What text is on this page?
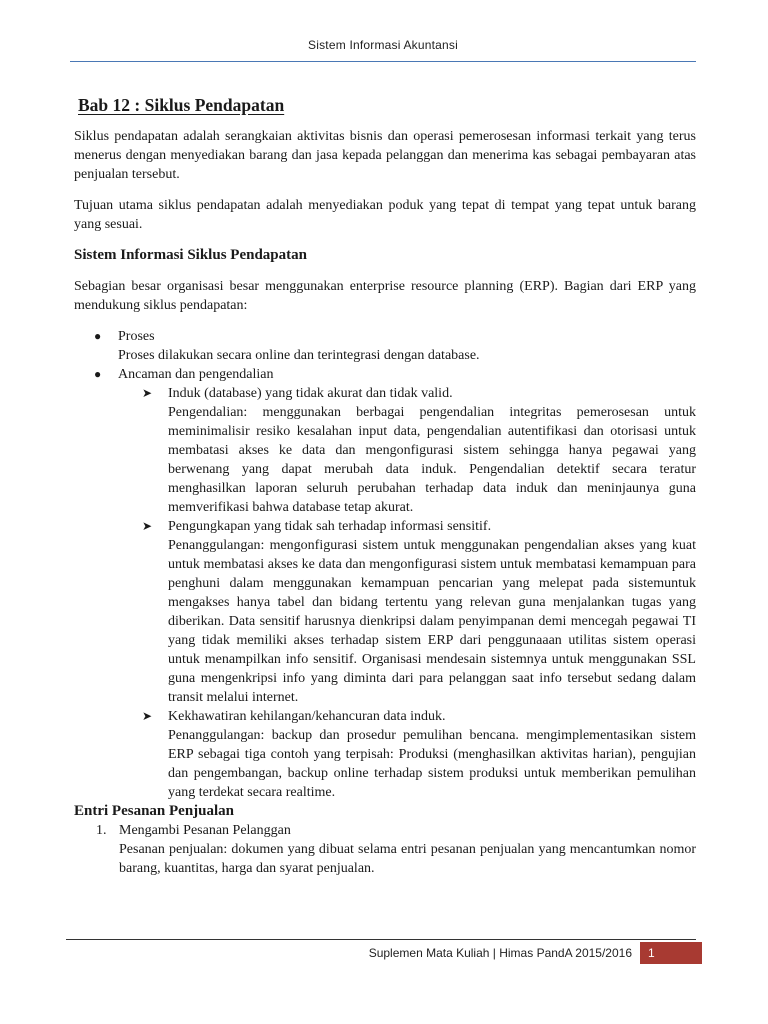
Sistem Informasi Akuntansi
Bab 12 : Siklus Pendapatan

Siklus pendapatan adalah serangkaian aktivitas bisnis dan operasi pemerosesan informasi terkait yang terus menerus dengan menyediakan barang dan jasa kepada pelanggan dan menerima kas sebagai pembayaran atas penjualan tersebut.

Tujuan utama siklus pendapatan adalah menyediakan poduk yang tepat di tempat yang tepat untuk barang yang sesuai.

Sistem Informasi Siklus Pendapatan

Sebagian besar organisasi besar menggunakan enterprise resource planning (ERP). Bagian dari ERP yang mendukung siklus pendapatan:

● Proses
Proses dilakukan secara online dan terintegrasi dengan database.
● Ancaman dan pengendalian
➤ Induk (database) yang tidak akurat dan tidak valid.
Pengendalian: menggunakan berbagai pengendalian integritas pemerosesan untuk meminimalisir resiko kesalahan input data, pengendalian autentifikasi dan otorisasi untuk membatasi akses ke data dan mengonfigurasi sistem sehingga hanya pegawai yang berwenang yang dapat merubah data induk. Pengendalian detektif secara teratur menghasilkan laporan seluruh perubahan terhadap data induk dan meninjaunya guna memverifikasi bahwa database tetap akurat.
➤ Pengungkapan yang tidak sah terhadap informasi sensitif.
Penanggulangan: mengonfigurasi sistem untuk menggunakan pengendalian akses yang kuat untuk membatasi akses ke data dan mengonfigurasi sistem untuk membatasi kemampuan para penghuni dalam menggunakan kemampuan pencarian yang melepat pada sistemuntuk mengakses hanya tabel dan bidang tertentu yang relevan guna menjalankan tugas yang diberikan. Data sensitif harusnya dienkripsi dalam penyimpanan demi mencegah pegawai TI yang tidak memiliki akses terhadap sistem ERP dari penggunaaan utilitas sistem operasi untuk menampilkan info sensitif. Organisasi mendesain sistemnya untuk menggunakan SSL guna mengenkripsi info yang diminta dari para pelanggan saat info tersebut sedang dalam transit melalui internet.
➤ Kekhawatiran kehilangan/kehancuran data induk.
Penanggulangan: backup dan prosedur pemulihan bencana. mengimplementasikan sistem ERP sebagai tiga contoh yang terpisah: Produksi (menghasilkan aktivitas harian), pengujian dan pengembangan, backup online terhadap sistem produksi untuk memberikan pemulihan yang terdekat secara realtime.
Entri Pesanan Penjualan
1. Mengambi Pesanan Pelanggan
Pesanan penjualan: dokumen yang dibuat selama entri pesanan penjualan yang mencantumkan nomor barang, kuantitas, harga dan syarat penjualan.
Suplemen Mata Kuliah | Himas PandA 2015/2016	1
